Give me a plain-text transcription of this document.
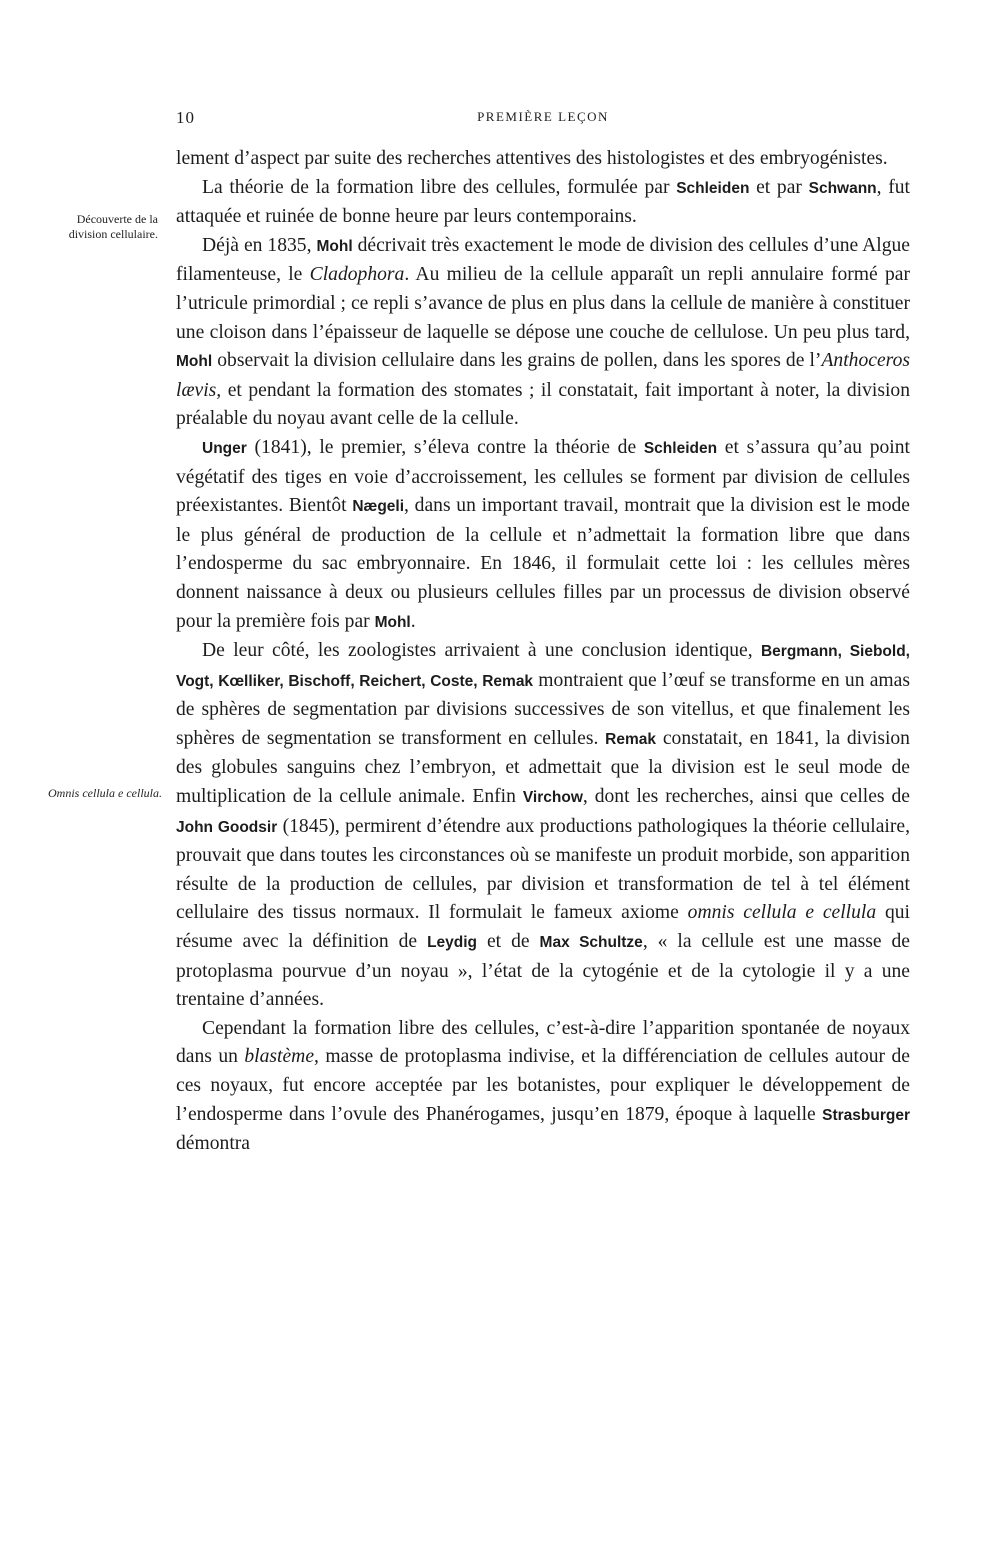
10	PREMIÈRE LEÇON
Découverte de la division cellulaire.
Omnis cellula e cellula.

lement d’aspect par suite des recherches attentives des histologistes et des embryogénistes.

La théorie de la formation libre des cellules, formulée par Schleiden et par Schwann, fut attaquée et ruinée de bonne heure par leurs contemporains.

Déjà en 1835, Mohl décrivait très exactement le mode de division des cellules d’une Algue filamenteuse, le Cladophora. Au milieu de la cellule apparaît un repli annulaire formé par l’utricule primordial ; ce repli s’avance de plus en plus dans la cellule de manière à constituer une cloison dans l’épaisseur de laquelle se dépose une couche de cellulose. Un peu plus tard, Mohl observait la division cellulaire dans les grains de pollen, dans les spores de l’Anthoceros lævis, et pendant la formation des stomates ; il constatait, fait important à noter, la division préalable du noyau avant celle de la cellule.

Unger (1841), le premier, s’éleva contre la théorie de Schleiden et s’assura qu’au point végétatif des tiges en voie d’accroissement, les cellules se forment par division de cellules préexistantes. Bientôt Nægeli, dans un important travail, montrait que la division est le mode le plus général de production de la cellule et n’admettait la formation libre que dans l’endosperme du sac embryonnaire. En 1846, il formulait cette loi : les cellules mères donnent naissance à deux ou plusieurs cellules filles par un processus de division observé pour la première fois par Mohl.

De leur côté, les zoologistes arrivaient à une conclusion identique, Bergmann, Siebold, Vogt, Kœlliker, Bischoff, Reichert, Coste, Remak montraient que l’œuf se transforme en un amas de sphères de segmentation par divisions successives de son vitellus, et que finalement les sphères de segmentation se transforment en cellules. Remak constatait, en 1841, la division des globules sanguins chez l’embryon, et admettait que la division est le seul mode de multiplication de la cellule animale. Enfin Virchow, dont les recherches, ainsi que celles de John Goodsir (1845), permirent d’étendre aux productions pathologiques la théorie cellulaire, prouvait que dans toutes les circonstances où se manifeste un produit morbide, son apparition résulte de la production de cellules, par division et transformation de tel à tel élément cellulaire des tissus normaux. Il formulait le fameux axiome omnis cellula e cellula qui résume avec la définition de Leydig et de Max Schultze, « la cellule est une masse de protoplasma pourvue d’un noyau », l’état de la cytogénie et de la cytologie il y a une trentaine d’années.

Cependant la formation libre des cellules, c’est-à-dire l’apparition spontanée de noyaux dans un blastème, masse de protoplasma indivise, et la différenciation de cellules autour de ces noyaux, fut encore acceptée par les botanistes, pour expliquer le développement de l’endosperme dans l’ovule des Phanérogames, jusqu’en 1879, époque à laquelle Strasburger démontra
